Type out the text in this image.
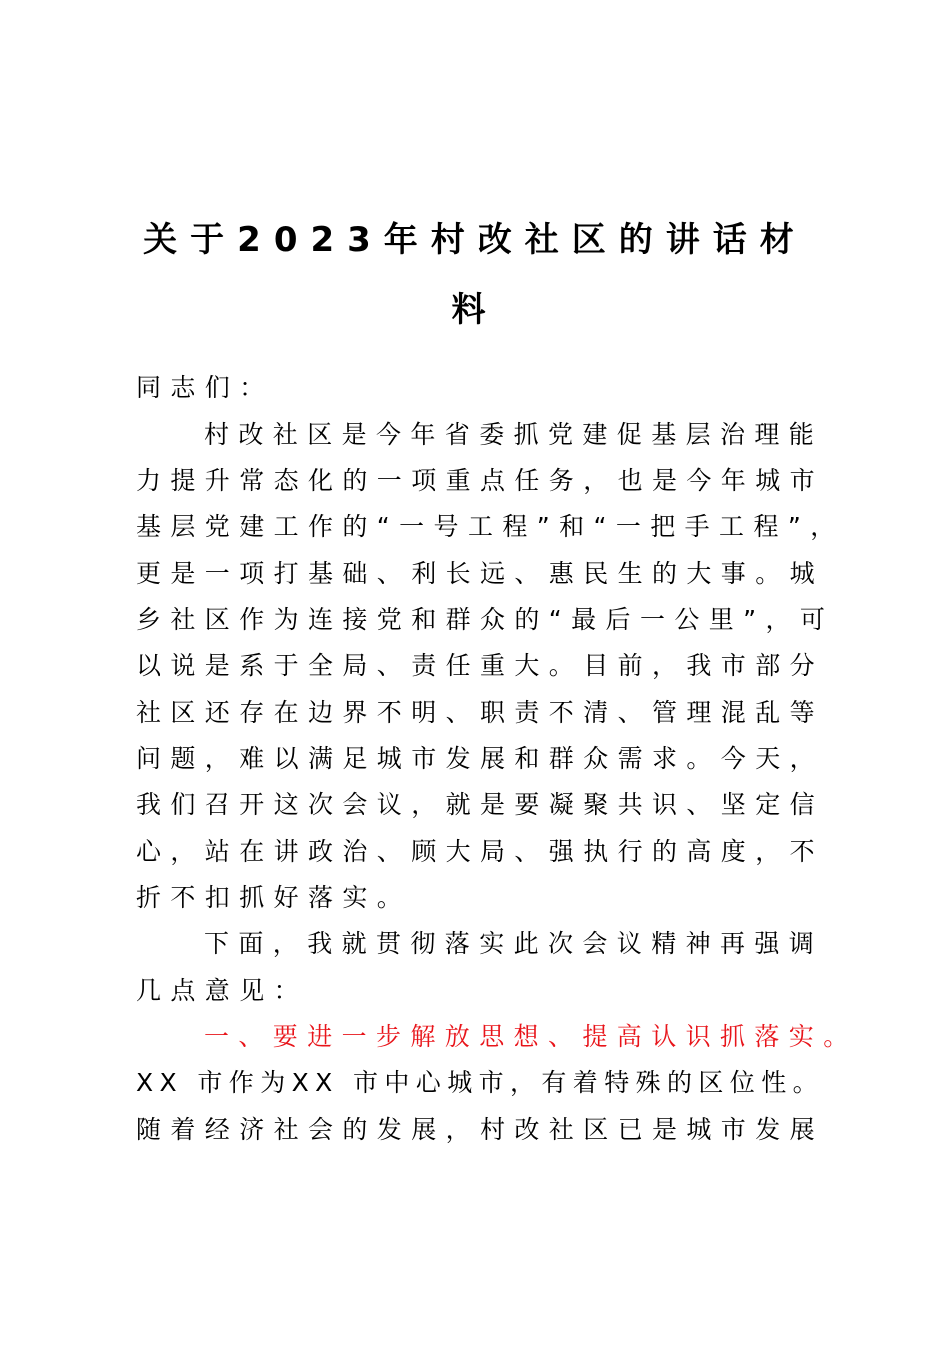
关于2023年村改社区的讲话材
料
同志们：
村改社区是今年省委抓党建促基层治理能
力提升常态化的一项重点任务，也是今年城市
基层党建工作的“一号工程”和“一把手工程”，
更是一项打基础、利长远、惠民生的大事。城
乡社区作为连接党和群众的“最后一公里”，可
以说是系于全局、责任重大。目前，我市部分
社区还存在边界不明、职责不清、管理混乱等
问题，难以满足城市发展和群众需求。今天，
我们召开这次会议，就是要凝聚共识、坚定信
心，站在讲政治、顾大局、强执行的高度，不
折不扣抓好落实。
下面，我就贯彻落实此次会议精神再强调
几点意见：
一、要进一步解放思想、提高认识抓落实。
XX 市作为XX 市中心城市，有着特殊的区位性。
随着经济社会的发展，村改社区已是城市发展
